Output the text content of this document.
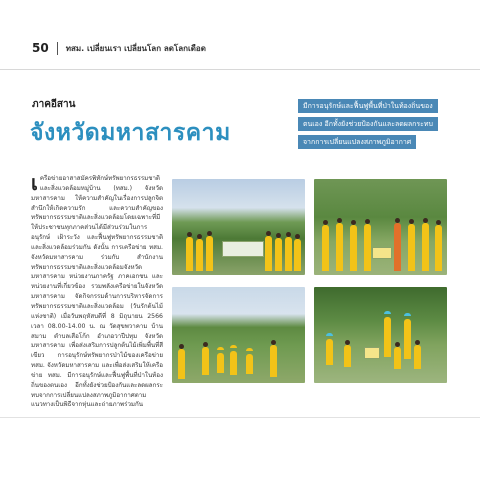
50 ทสม. เปลี่ยนเรา เปลี่ยนโลก ลดโลกเดือด
ภาคอีสาน
จังหวัดมหาสารคาม
มีการอนุรักษ์และฟื้นฟูพื้นที่ป่าในท้องถิ่นของ
ตนเอง อีกทั้งยังช่วยป้องกันและลดผลกระทบ
จากการเปลี่ยนแปลงสภาพภูมิอากาศ

เครือข่ายอาสาสมัครพิทักษ์ทรัพยากรธรรมชาติและสิ่งแวดล้อมหมู่บ้าน (ทสม.) จังหวัดมหาสารคาม ให้ความสำคัญในเรื่องการปลูกจิตสำนึกให้เกิดความรัก และความสำคัญของทรัพยากรธรรมชาติและสิ่งแวดล้อมโดยเฉพาะที่มีให้ประชาชนทุกภาคส่วนได้มีส่วนร่วมในการอนุรักษ์ เฝ้าระวัง และฟื้นฟูทรัพยากรธรรมชาติและสิ่งแวดล้อมร่วมกัน ดังนั้น การเครือข่าย ทสม. จังหวัดมหาสารคาม ร่วมกับ สำนักงานทรัพยากรธรรมชาติและสิ่งแวดล้อมจังหวัดมหาสารคาม หน่วยงานภาครัฐ ภาคเอกชน และหน่วยงานที่เกี่ยวข้อง รวมพลังเครือข่ายในจังหวัดมหาสารคาม จัดกิจกรรมด้านการบริหารจัดการทรัพยากรธรรมชาติและสิ่งแวดล้อม (วันรักต้นไม้แห่งชาติ) เมื่อวันพฤหัสบดีที่ 8 มิถุนายน 2566 เวลา 08.00-14.00 น. ณ วัดสุขพวาคาม บ้านสมาม ตำบลเสือโก้ก อำเภอวาปีปทุม จังหวัดมหาสารคาม เพื่อส่งเสริมการปลูกต้นไม้เพิ่มพื้นที่สีเขียว การอนุรักษ์ทรัพยากรป่าไม้ของเครือข่าย ทสม. จังหวัดมหาสารคาม และเพื่อส่งเสริมให้เครือข่าย ทสม. มีการอนุรักษ์และฟื้นฟูพื้นที่ป่าในท้องถิ่นของตนเอง อีกทั้งยังช่วยป้องกันและลดผลกระทบจากการเปลี่ยนแปลงสภาพภูมิอากาศตามแนวทางเป็นพิธีจากหุ่นและถ่ายภาพร่วมกัน
